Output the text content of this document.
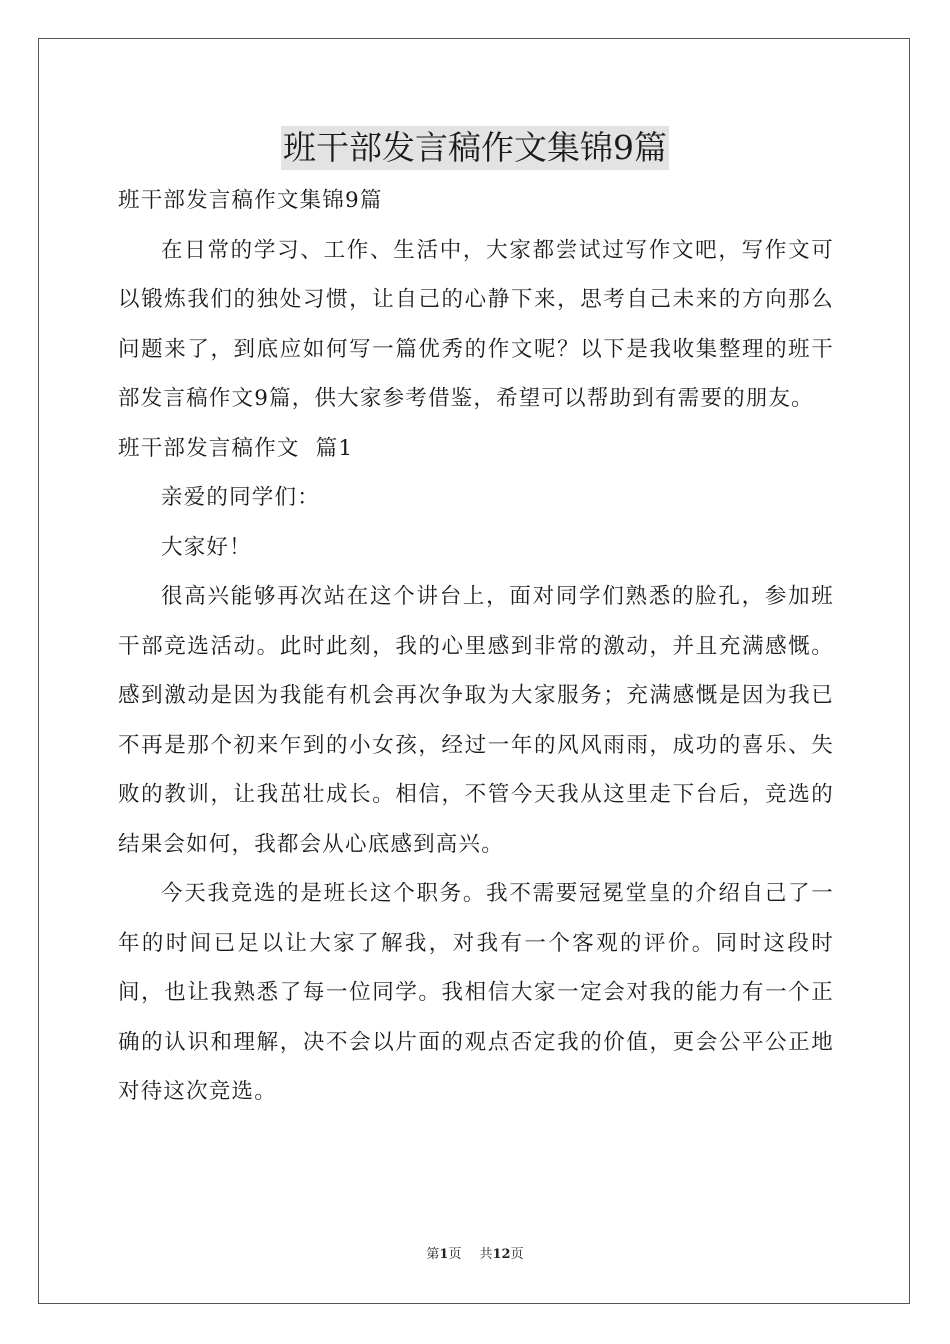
班干部发言稿作文集锦9篇

班干部发言稿作文集锦9篇

在日常的学习、工作、生活中，大家都尝试过写作文吧，写作文可以锻炼我们的独处习惯，让自己的心静下来，思考自己未来的方向那么问题来了，到底应如何写一篇优秀的作文呢？以下是我收集整理的班干部发言稿作文9篇，供大家参考借鉴，希望可以帮助到有需要的朋友。

班干部发言稿作文  篇1

亲爱的同学们：

大家好！

很高兴能够再次站在这个讲台上，面对同学们熟悉的脸孔，参加班干部竞选活动。此时此刻，我的心里感到非常的激动，并且充满感慨。感到激动是因为我能有机会再次争取为大家服务；充满感慨是因为我已不再是那个初来乍到的小女孩，经过一年的风风雨雨，成功的喜乐、失败的教训，让我茁壮成长。相信，不管今天我从这里走下台后，竞选的结果会如何，我都会从心底感到高兴。

今天我竞选的是班长这个职务。我不需要冠冕堂皇的介绍自己了一年的时间已足以让大家了解我，对我有一个客观的评价。同时这段时间，也让我熟悉了每一位同学。我相信大家一定会对我的能力有一个正确的认识和理解，决不会以片面的观点否定我的价值，更会公平公正地对待这次竞选。

第1页 共12页
